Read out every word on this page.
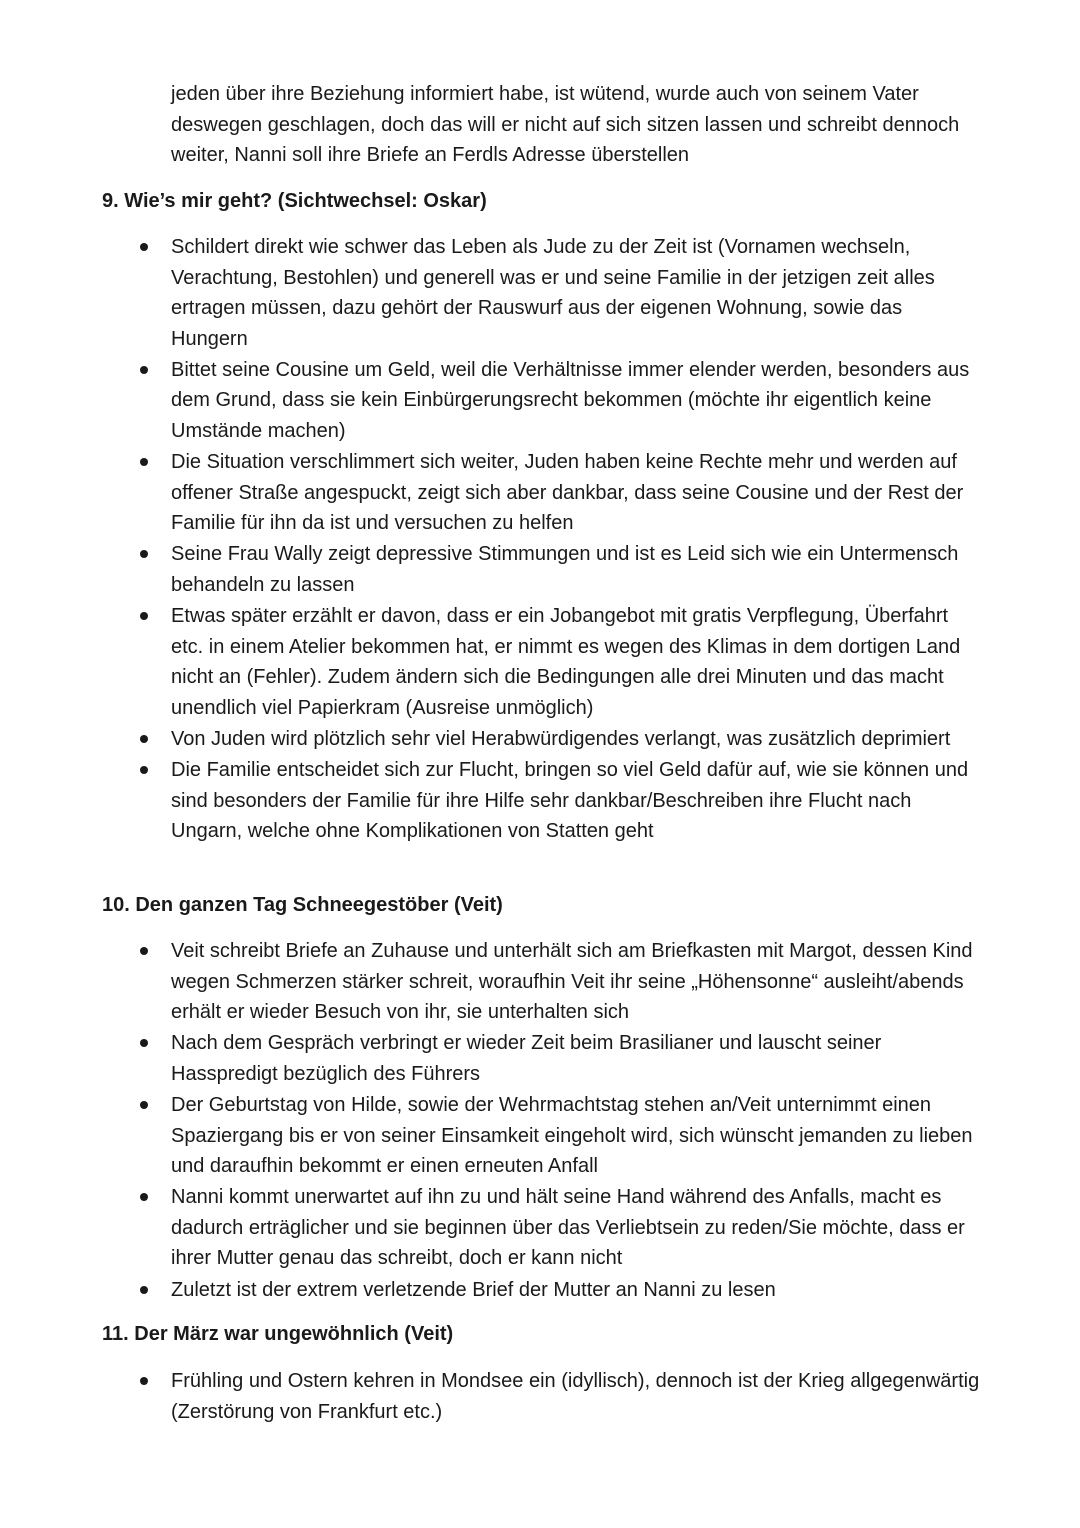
jeden über ihre Beziehung informiert habe, ist wütend, wurde auch von seinem Vater deswegen geschlagen, doch das will er nicht auf sich sitzen lassen und schreibt dennoch weiter, Nanni soll ihre Briefe an Ferdls Adresse überstellen

9. Wie’s mir geht? (Sichtwechsel: Oskar)
Schildert direkt wie schwer das Leben als Jude zu der Zeit ist (Vornamen wechseln, Verachtung, Bestohlen) und generell was er und seine Familie in der jetzigen zeit alles ertragen müssen, dazu gehört der Rauswurf aus der eigenen Wohnung, sowie das Hungern
Bittet seine Cousine um Geld, weil die Verhältnisse immer elender werden, besonders aus dem Grund, dass sie kein Einbürgerungsrecht bekommen (möchte ihr eigentlich keine Umstände machen)
Die Situation verschlimmert sich weiter, Juden haben keine Rechte mehr und werden auf offener Straße angespuckt, zeigt sich aber dankbar, dass seine Cousine und der Rest der Familie für ihn da ist und versuchen zu helfen
Seine Frau Wally zeigt depressive Stimmungen und ist es Leid sich wie ein Untermensch behandeln zu lassen
Etwas später erzählt er davon, dass er ein Jobangebot mit gratis Verpflegung, Überfahrt etc. in einem Atelier bekommen hat, er nimmt es wegen des Klimas in dem dortigen Land nicht an (Fehler). Zudem ändern sich die Bedingungen alle drei Minuten und das macht unendlich viel Papierkram (Ausreise unmöglich)
Von Juden wird plötzlich sehr viel Herabwürdigendes verlangt, was zusätzlich deprimiert
Die Familie entscheidet sich zur Flucht, bringen so viel Geld dafür auf, wie sie können und sind besonders der Familie für ihre Hilfe sehr dankbar/Beschreiben ihre Flucht nach Ungarn, welche ohne Komplikationen von Statten geht
10. Den ganzen Tag Schneegestöber (Veit)
Veit schreibt Briefe an Zuhause und unterhält sich am Briefkasten mit Margot, dessen Kind wegen Schmerzen stärker schreit, woraufhin Veit ihr seine „Höhensonne“ ausleiht/abends erhält er wieder Besuch von ihr, sie unterhalten sich
Nach dem Gespräch verbringt er wieder Zeit beim Brasilianer und lauscht seiner Hasspredigt bezüglich des Führers
Der Geburtstag von Hilde, sowie der Wehrmachtstag stehen an/Veit unternimmt einen Spaziergang bis er von seiner Einsamkeit eingeholt wird, sich wünscht jemanden zu lieben und daraufhin bekommt er einen erneuten Anfall
Nanni kommt unerwartet auf ihn zu und hält seine Hand während des Anfalls, macht es dadurch erträglicher und sie beginnen über das Verliebtsein zu reden/Sie möchte, dass er ihrer Mutter genau das schreibt, doch er kann nicht
Zuletzt ist der extrem verletzende Brief der Mutter an Nanni zu lesen
11. Der März war ungewöhnlich (Veit)
Frühling und Ostern kehren in Mondsee ein (idyllisch), dennoch ist der Krieg allgegenwärtig (Zerstörung von Frankfurt etc.)
